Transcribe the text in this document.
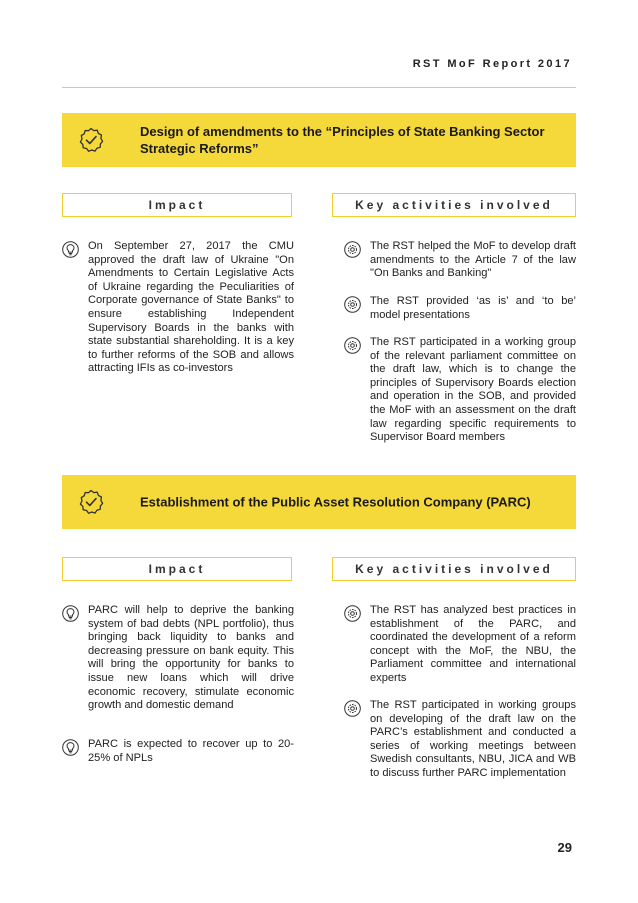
RST MoF Report 2017
Design of amendments to the “Principles of State Banking Sector Strategic Reforms”
Impact	Key activities involved
On September 27, 2017 the CMU approved the draft law of Ukraine "On Amendments to Certain Legislative Acts of Ukraine regarding the Peculiarities of Corporate governance of State Banks" to ensure establishing Independent Supervisory Boards in the banks with state substantial shareholding. It is a key to further reforms of the SOB and allows attracting IFIs as co-investors
The RST helped the MoF to develop draft amendments to the Article 7 of the law "On Banks and Banking"
The RST provided ‘as is’ and ‘to be’ model presentations
The RST participated in a working group of the relevant parliament committee on the draft law, which is to change the principles of Supervisory Boards election and operation in the SOB, and provided the MoF with an assessment on the draft law regarding specific requirements to Supervisor Board members
Establishment of the Public Asset Resolution Company (PARC)
Impact	Key activities involved
PARC will help to deprive the banking system of bad debts (NPL portfolio), thus bringing back liquidity to banks and decreasing pressure on bank equity. This will bring the opportunity for banks to issue new loans which will drive economic recovery, stimulate economic growth and domestic demand
PARC is expected to recover up to 20-25% of NPLs
The RST has analyzed best practices in establishment of the PARC, and coordinated the development of a reform concept with the MoF, the NBU, the Parliament committee and international experts
The RST participated in working groups on developing of the draft law on the PARC’s establishment and conducted a series of working meetings between Swedish consultants, NBU, JICA and WB to discuss further PARC implementation
29
